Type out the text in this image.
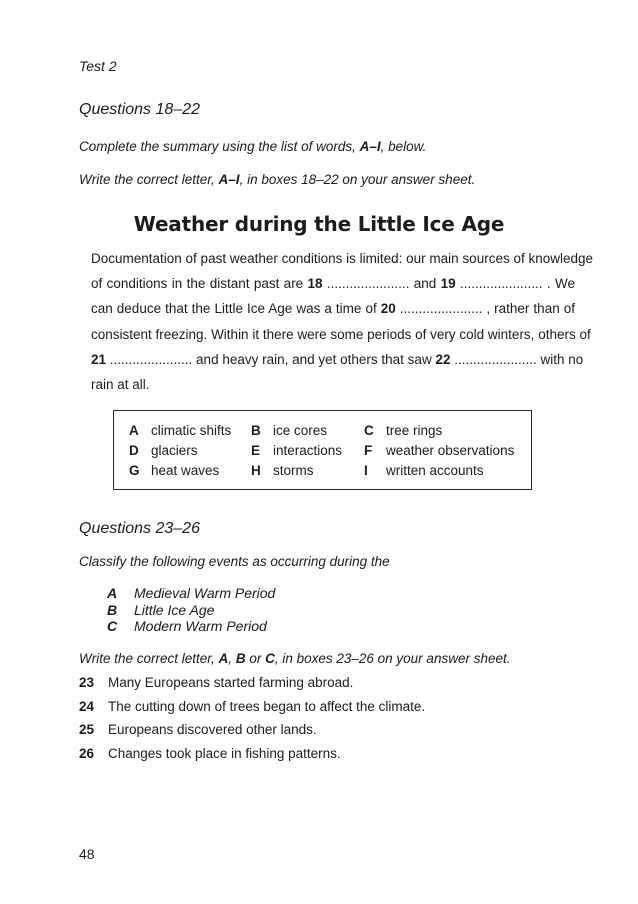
Test 2
Questions 18–22
Complete the summary using the list of words, A–I, below.
Write the correct letter, A–I, in boxes 18–22 on your answer sheet.
Weather during the Little Ice Age
Documentation of past weather conditions is limited: our main sources of knowledge
of conditions in the distant past are 18 ...................... and 19 ...................... . We
can deduce that the Little Ice Age was a time of 20 ...................... , rather than of
consistent freezing. Within it there were some periods of very cold winters, others of
21 ...................... and heavy rain, and yet others that saw 22 ...................... with no
rain at all.
A climatic shifts B ice cores	C tree rings
D glaciers	E interactions F weather observations
G heat waves H storms	I written accounts
Questions 23–26
Classify the following events as occurring during the
A Medieval Warm Period
B Little Ice Age
C Modern Warm Period
Write the correct letter, A, B or C, in boxes 23–26 on your answer sheet.
23 Many Europeans started farming abroad.
24 The cutting down of trees began to affect the climate.
25 Europeans discovered other lands.
26 Changes took place in fishing patterns.
48
